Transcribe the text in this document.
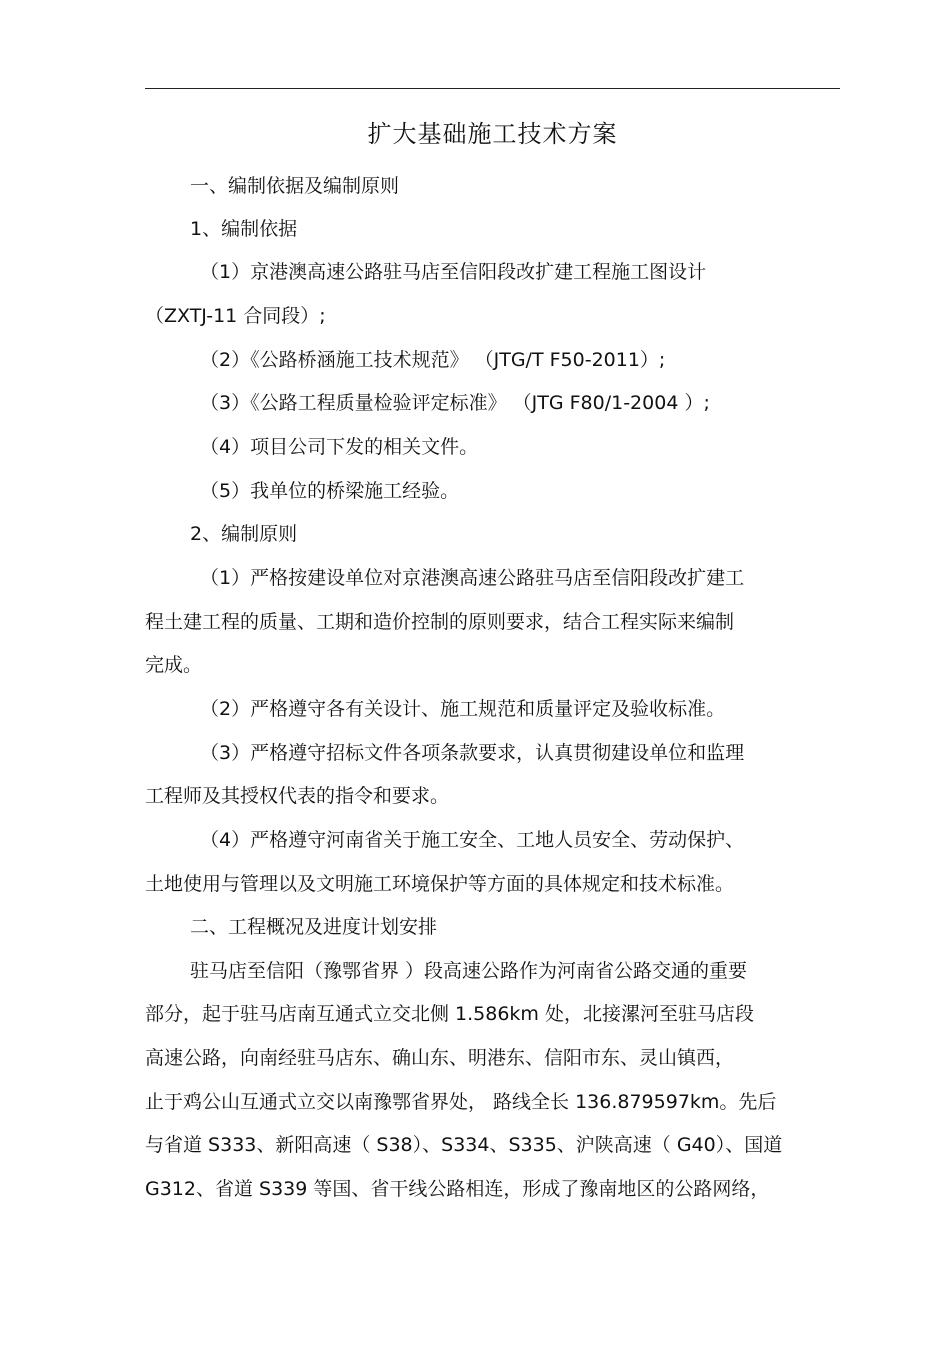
扩大基础施工技术方案
一、编制依据及编制原则
1、编制依据
（1）京港澳高速公路驻马店至信阳段改扩建工程施工图设计
（ZXTJ-11 合同段）;
（2）《公路桥涵施工技术规范》 （JTG/T F50-2011）;
（3）《公路工程质量检验评定标准》 （JTG F80/1-2004 ）;
（4）项目公司下发的相关文件。
（5）我单位的桥梁施工经验。
2、编制原则
（1）严格按建设单位对京港澳高速公路驻马店至信阳段改扩建工
程土建工程的质量、工期和造价控制的原则要求，结合工程实际来编制
完成。
（2）严格遵守各有关设计、施工规范和质量评定及验收标准。
（3）严格遵守招标文件各项条款要求，认真贯彻建设单位和监理
工程师及其授权代表的指令和要求。
（4）严格遵守河南省关于施工安全、工地人员安全、劳动保护、
土地使用与管理以及文明施工环境保护等方面的具体规定和技术标准。
二、工程概况及进度计划安排
驻马店至信阳（豫鄂省界 ）段高速公路作为河南省公路交通的重要
部分，起于驻马店南互通式立交北侧 1.586km 处，北接漯河至驻马店段
高速公路，向南经驻马店东、确山东、明港东、信阳市东、灵山镇西，
止于鸡公山互通式立交以南豫鄂省界处， 路线全长 136.879597km。先后
与省道 S333、新阳高速（ S38）、S334、S335、沪陕高速（ G40）、国道
G312、省道 S339 等国、省干线公路相连，形成了豫南地区的公路网络，
